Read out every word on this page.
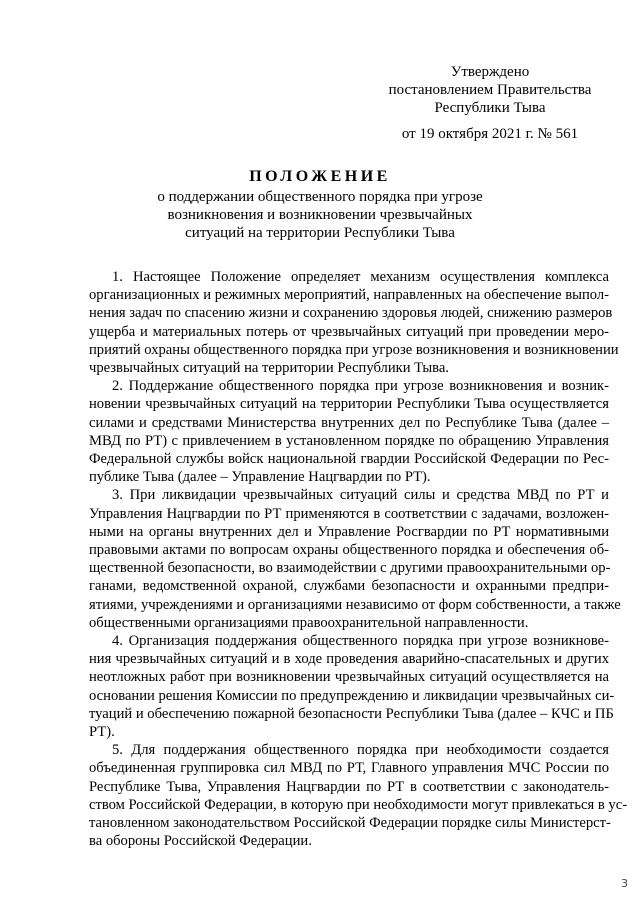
Утверждено
постановлением Правительства
Республики Тыва
от 19 октября 2021 г. № 561
ПОЛОЖЕНИЕ
о поддержании общественного порядка при угрозе
возникновения и возникновении чрезвычайных
ситуаций на территории Республики Тыва
1. Настоящее Положение определяет механизм осуществления комплекса
организационных и режимных мероприятий, направленных на обеспечение выпол-
нения задач по спасению жизни и сохранению здоровья людей, снижению размеров
ущерба и материальных потерь от чрезвычайных ситуаций при проведении меро-
приятий охраны общественного порядка при угрозе возникновения и возникновении
чрезвычайных ситуаций на территории Республики Тыва.
2. Поддержание общественного порядка при угрозе возникновения и возник-
новении чрезвычайных ситуаций на территории Республики Тыва осуществляется
силами и средствами Министерства внутренних дел по Республике Тыва (далее –
МВД по РТ) с привлечением в установленном порядке по обращению Управления
Федеральной службы войск национальной гвардии Российской Федерации по Рес-
публике Тыва (далее – Управление Нацгвардии по РТ).
3. При ликвидации чрезвычайных ситуаций силы и средства МВД по РТ и
Управления Нацгвардии по РТ применяются в соответствии с задачами, возложен-
ными на органы внутренних дел и Управление Росгвардии по РТ нормативными
правовыми актами по вопросам охраны общественного порядка и обеспечения об-
щественной безопасности, во взаимодействии с другими правоохранительными ор-
ганами, ведомственной охраной, службами безопасности и охранными предпри-
ятиями, учреждениями и организациями независимо от форм собственности, а также
общественными организациями правоохранительной направленности.
4. Организация поддержания общественного порядка при угрозе возникнове-
ния чрезвычайных ситуаций и в ходе проведения аварийно-спасательных и других
неотложных работ при возникновении чрезвычайных ситуаций осуществляется на
основании решения Комиссии по предупреждению и ликвидации чрезвычайных си-
туаций и обеспечению пожарной безопасности Республики Тыва (далее – КЧС и ПБ
РТ).
5. Для поддержания общественного порядка при необходимости создается
объединенная группировка сил МВД по РТ, Главного управления МЧС России по
Республике Тыва, Управления Нацгвардии по РТ в соответствии с законодатель-
ством Российской Федерации, в которую при необходимости могут привлекаться в ус-
тановленном законодательством Российской Федерации порядке силы Министерст-
ва обороны Российской Федерации.
3
